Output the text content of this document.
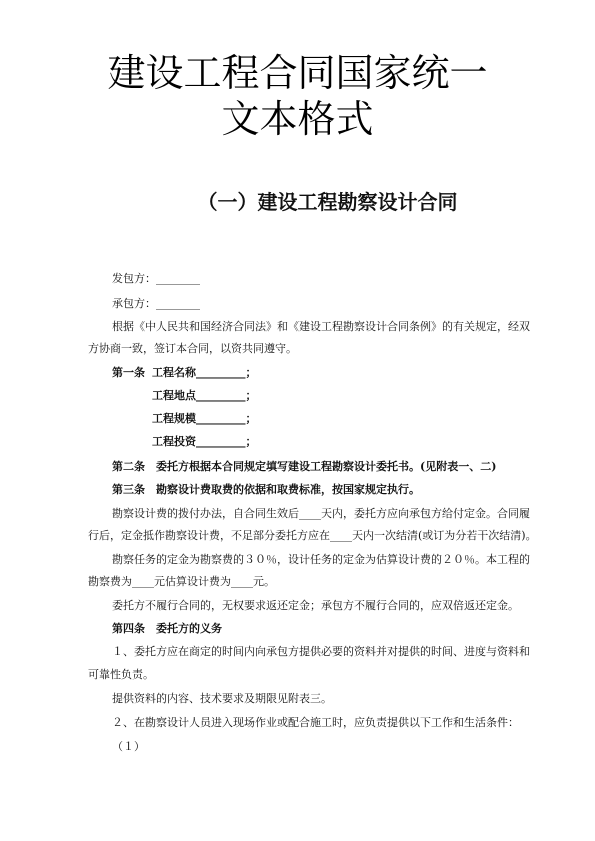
建设工程合同国家统一
文本格式
（一）建设工程勘察设计合同
发包方：________
承包方：________
根据《中人民共和国经济合同法》和《建设工程勘察设计合同条例》的有关规定，经双
方协商一致，签订本合同，以资共同遵守。
第一条 工程名称_________；
工程地点_________；
工程规模_________；
工程投资_________；
第二条　委托方根据本合同规定填写建设工程勘察设计委托书。(见附表一、二)
第三条　勘察设计费取费的依据和取费标准，按国家规定执行。
勘察设计费的拨付办法，自合同生效后____天内，委托方应向承包方给付定金。合同履
行后，定金抵作勘察设计费，不足部分委托方应在____天内一次结清(或订为分若干次结清)。
勘察任务的定金为勘察费的３０％，设计任务的定金为估算设计费的２０％。本工程的
勘察费为____元估算设计费为____元。
委托方不履行合同的，无权要求返还定金；承包方不履行合同的，应双倍返还定金。
第四条　委托方的义务
１、委托方应在商定的时间内向承包方提供必要的资料并对提供的时间、进度与资料和
可靠性负责。
提供资料的内容、技术要求及期限见附表三。
２、在勘察设计人员进入现场作业或配合施工时，应负责提供以下工作和生活条件：
（１）
